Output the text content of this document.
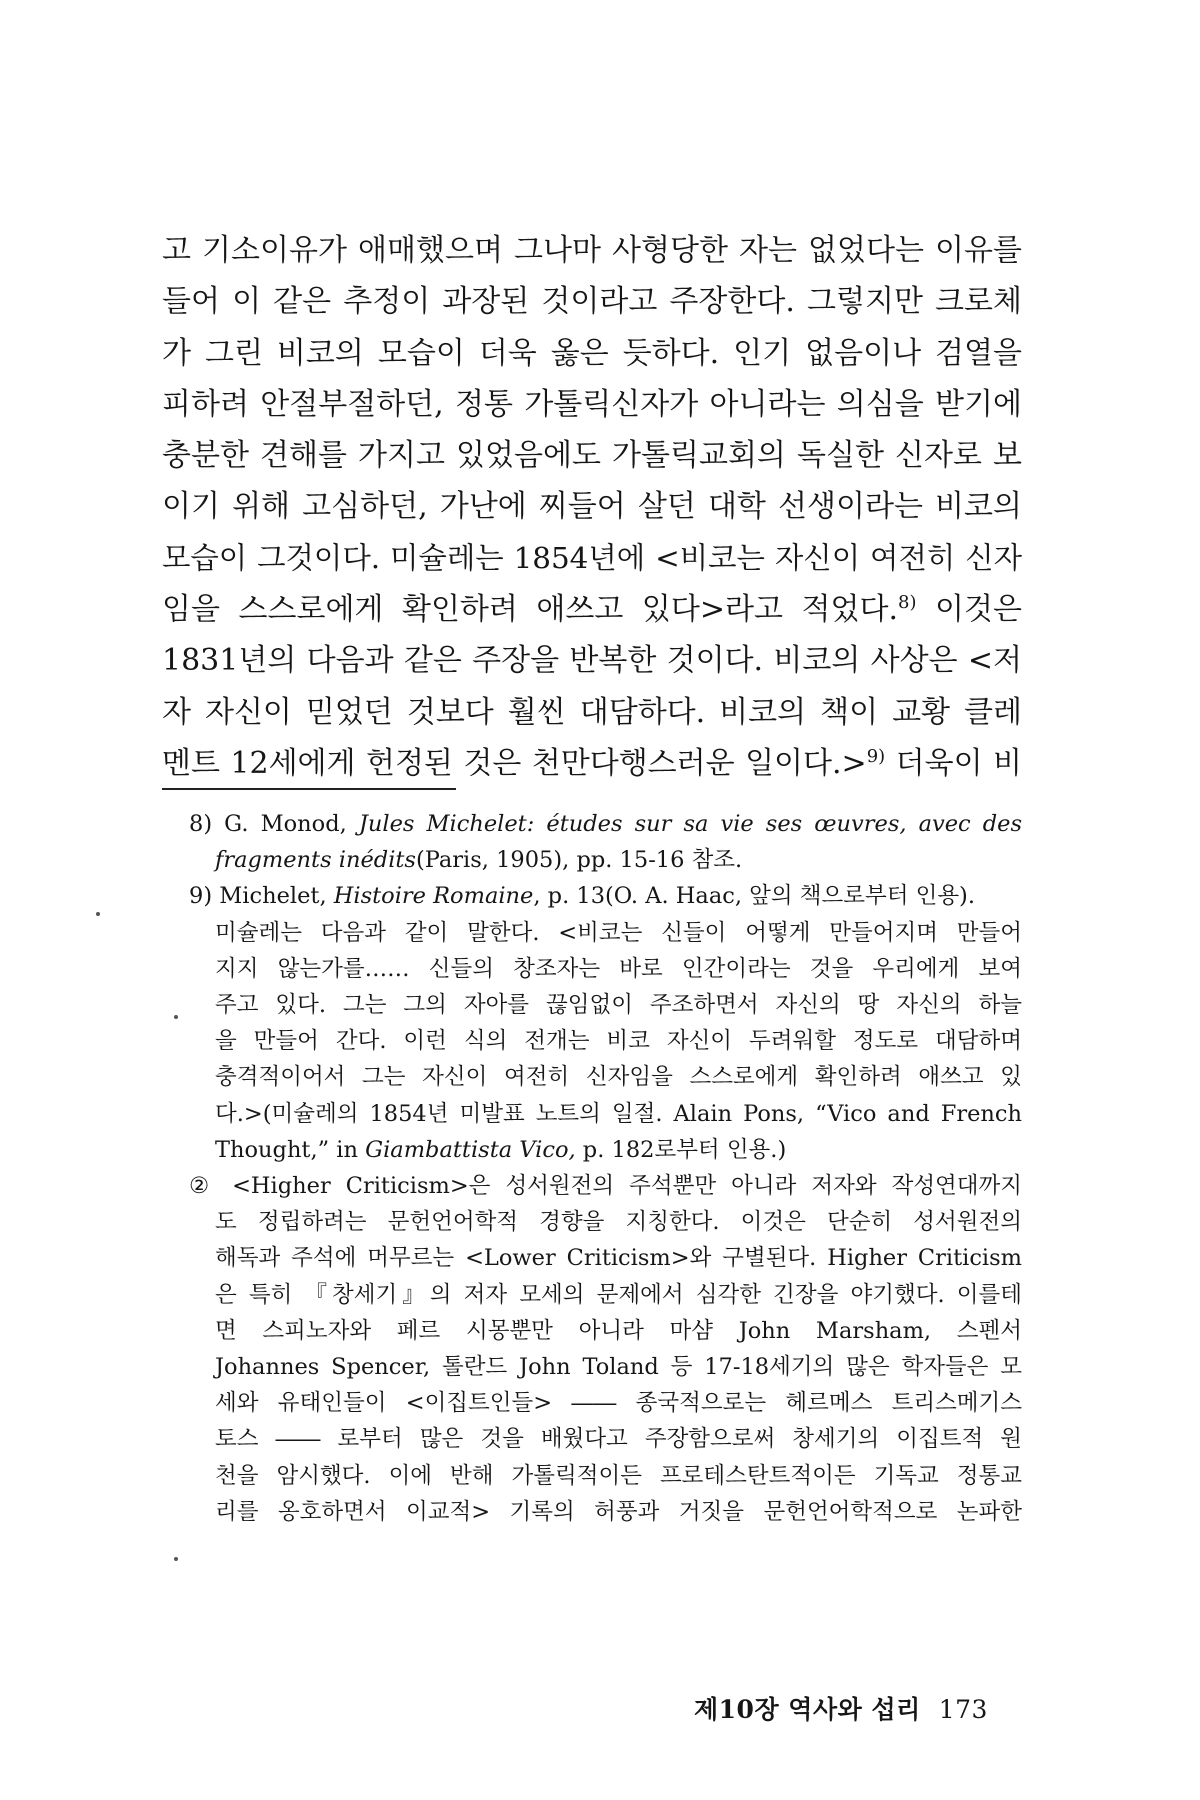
고 기소이유가 애매했으며 그나마 사형당한 자는 없었다는 이유를
들어 이 같은 추정이 과장된 것이라고 주장한다. 그렇지만 크로체
가 그린 비코의 모습이 더욱 옳은 듯하다. 인기 없음이나 검열을
피하려 안절부절하던, 정통 가톨릭신자가 아니라는 의심을 받기에
충분한 견해를 가지고 있었음에도 가톨릭교회의 독실한 신자로 보
이기 위해 고심하던, 가난에 찌들어 살던 대학 선생이라는 비코의
모습이 그것이다. 미슐레는 1854년에 <비코는 자신이 여전히 신자
임을 스스로에게 확인하려 애쓰고 있다>라고 적었다.$^{8)}$ 이것은
1831년의 다음과 같은 주장을 반복한 것이다. 비코의 사상은 <저
자 자신이 믿었던 것보다 훨씬 대담하다. 비코의 책이 교황 클레
멘트 12세에게 헌정된 것은 천만다행스러운 일이다.>$^{9)}$ 더욱이 비
8) G. Monod, Jules Michelet: études sur sa vie ses œuvres, avec des
fragments inédits(Paris, 1905), pp. 15-16 참조.
9) Michelet, Histoire Romaine, p. 13(O. A. Haac, 앞의 책으로부터 인용).
미슐레는 다음과 같이 말한다. <비코는 신들이 어떻게 만들어지며 만들어
지지 않는가를…… 신들의 창조자는 바로 인간이라는 것을 우리에게 보여
주고 있다. 그는 그의 자아를 끊임없이 주조하면서 자신의 땅 자신의 하늘
을 만들어 간다. 이런 식의 전개는 비코 자신이 두려워할 정도로 대담하며
충격적이어서 그는 자신이 여전히 신자임을 스스로에게 확인하려 애쓰고 있
다.>(미슐레의 1854년 미발표 노트의 일절. Alain Pons, “Vico and French
Thought,” in Giambattista Vico, p. 182로부터 인용.)
② <Higher Criticism>은 성서원전의 주석뿐만 아니라 저자와 작성연대까지
도 정립하려는 문헌언어학적 경향을 지칭한다. 이것은 단순히 성서원전의
해독과 주석에 머무르는 <Lower Criticism>와 구별된다. Higher Criticism
은 특히 『창세기』의 저자 모세의 문제에서 심각한 긴장을 야기했다. 이를테
면 스피노자와 페르 시몽뿐만 아니라 마샴 John Marsham, 스펜서
Johannes Spencer, 톨란드 John Toland 등 17-18세기의 많은 학자들은 모
세와 유태인들이 <이집트인들> ―― 종국적으로는 헤르메스 트리스메기스
토스 ―― 로부터 많은 것을 배웠다고 주장함으로써 창세기의 이집트적 원
천을 암시했다. 이에 반해 가톨릭적이든 프로테스탄트적이든 기독교 정통교
리를 옹호하면서 이교적> 기록의 허풍과 거짓을 문헌언어학적으로 논파한
제10장 역사와 섭리 173
